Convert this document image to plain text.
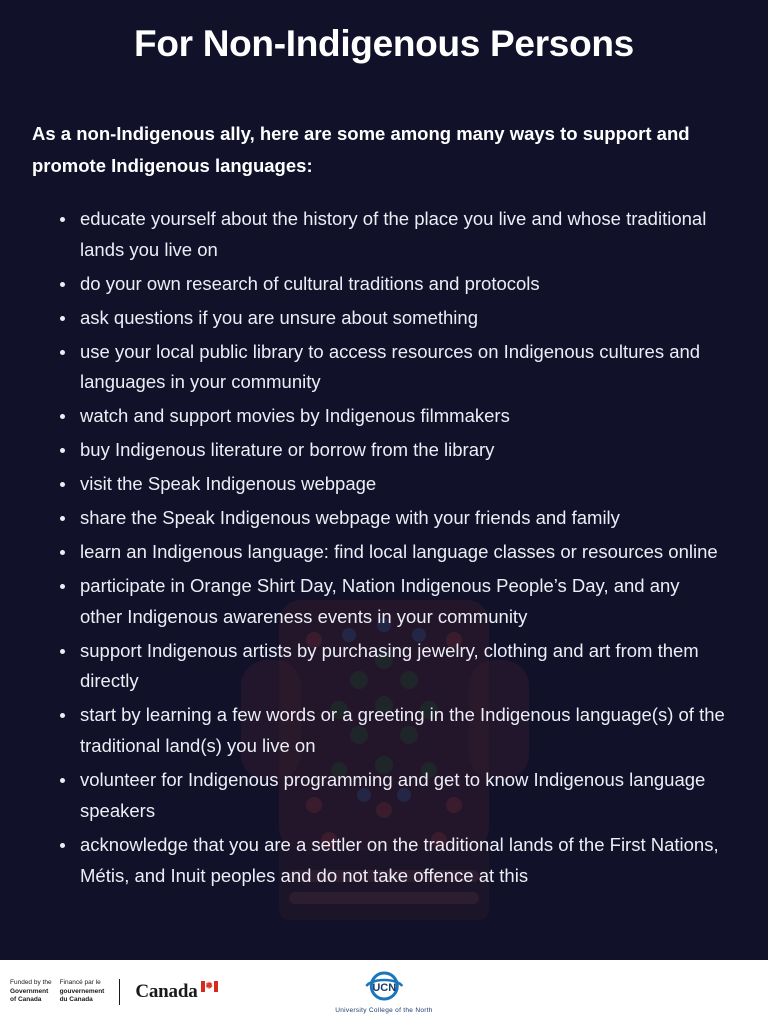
For Non-Indigenous Persons

As a non-Indigenous ally, here are some among many ways to support and promote Indigenous languages:

educate yourself about the history of the place you live and whose traditional lands you live on
do your own research of cultural traditions and protocols
ask questions if you are unsure about something
use your local public library to access resources on Indigenous cultures and languages in your community
watch and support movies by Indigenous filmmakers
buy Indigenous literature or borrow from the library
visit the Speak Indigenous webpage
share the Speak Indigenous webpage with your friends and family
learn an Indigenous language: find local language classes or resources online
participate in Orange Shirt Day, Nation Indigenous People’s Day, and any other Indigenous awareness events in your community
support Indigenous artists by purchasing jewelry, clothing and art from them directly
start by learning a few words or a greeting in the Indigenous language(s) of the traditional land(s) you live on
volunteer for Indigenous programming and get to know Indigenous language speakers
acknowledge that you are a settler on the traditional lands of the First Nations, Métis, and Inuit peoples and do not take offence at this
Funded by the
Government
of Canada
Financé par le
gouvernement
du Canada	Canada ❅	UCN
University College of the North
